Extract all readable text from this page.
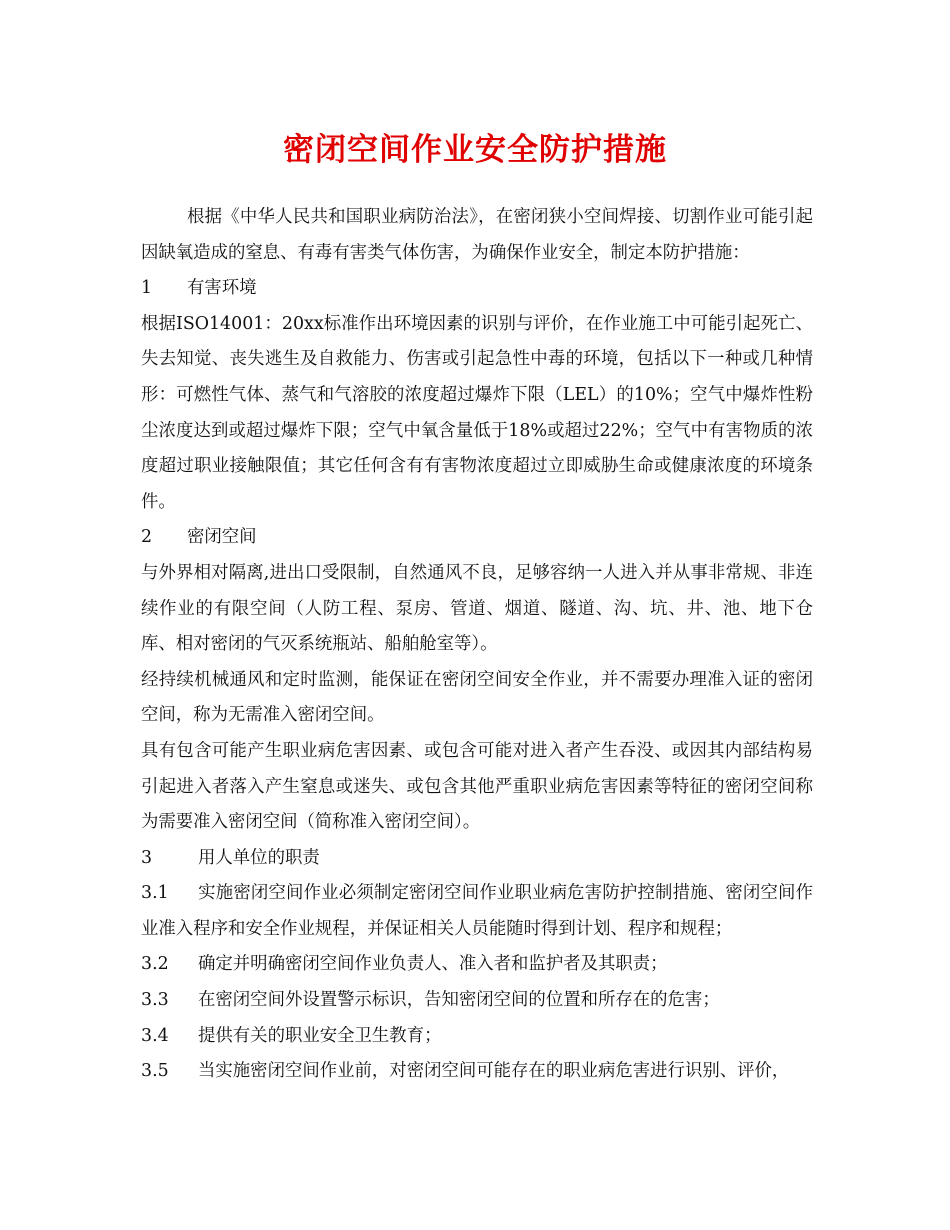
密闭空间作业安全防护措施

根据《中华人民共和国职业病防治法》，在密闭狭小空间焊接、切割作业可能引起因缺氧造成的窒息、有毒有害类气体伤害，为确保作业安全，制定本防护措施：

1 有害环境

根据ISO14001：20xx标准作出环境因素的识别与评价，在作业施工中可能引起死亡、失去知觉、丧失逃生及自救能力、伤害或引起急性中毒的环境，包括以下一种或几种情形：可燃性气体、蒸气和气溶胶的浓度超过爆炸下限（LEL）的10%；空气中爆炸性粉尘浓度达到或超过爆炸下限；空气中氧含量低于18%或超过22%；空气中有害物质的浓度超过职业接触限值；其它任何含有有害物浓度超过立即威胁生命或健康浓度的环境条件。

2 密闭空间

与外界相对隔离,进出口受限制，自然通风不良，足够容纳一人进入并从事非常规、非连续作业的有限空间（人防工程、泵房、管道、烟道、隧道、沟、坑、井、池、地下仓库、相对密闭的气灭系统瓶站、船舶舱室等）。

经持续机械通风和定时监测，能保证在密闭空间安全作业，并不需要办理准入证的密闭空间，称为无需准入密闭空间。

具有包含可能产生职业病危害因素、或包含可能对进入者产生吞没、或因其内部结构易引起进入者落入产生窒息或迷失、或包含其他严重职业病危害因素等特征的密闭空间称为需要准入密闭空间（简称准入密闭空间）。

3	用人单位的职责

3.1 实施密闭空间作业必须制定密闭空间作业职业病危害防护控制措施、密闭空间作业准入程序和安全作业规程，并保证相关人员能随时得到计划、程序和规程；

3.2 确定并明确密闭空间作业负责人、准入者和监护者及其职责；

3.3 在密闭空间外设置警示标识，告知密闭空间的位置和所存在的危害；

3.4 提供有关的职业安全卫生教育；

3.5 当实施密闭空间作业前，对密闭空间可能存在的职业病危害进行识别、评价，
